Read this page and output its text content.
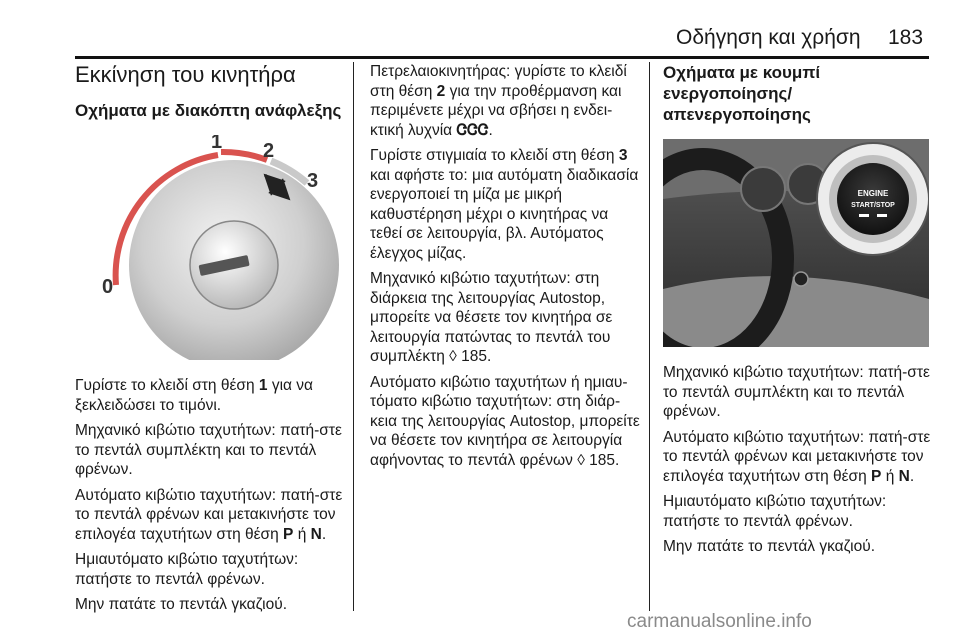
Οδήγηση και χρήση 183
Εκκίνηση του κινητήρα
Οχήματα με διακόπτη ανάφλεξης
0
1 2
3

Γυρίστε το κλειδί στη θέση 1 για να ξεκλειδώσει το τιμόνι.

Μηχανικό κιβώτιο ταχυτήτων: πατή-στε το πεντάλ συμπλέκτη και το πεντάλ φρένων.

Αυτόματο κιβώτιο ταχυτήτων: πατή-στε το πεντάλ φρένων και μετακινήστε τον επιλογέα ταχυτήτων στη θέση P ή N.

Ημιαυτόματο κιβώτιο ταχυτήτων: πατήστε το πεντάλ φρένων.

Μην πατάτε το πεντάλ γκαζιού.

Πετρελαιοκινητήρας: γυρίστε το κλειδί στη θέση 2 για την προθέρμανση και περιμένετε μέχρι να σβήσει η ενδει-κτική λυχνία ᏣᏣᏣ.

Γυρίστε στιγμιαία το κλειδί στη θέση 3 και αφήστε το: μια αυτόματη διαδικασία ενεργοποιεί τη μίζα με μικρή καθυστέρηση μέχρι ο κινητήρας να τεθεί σε λειτουργία, βλ. Αυτόματος έλεγχος μίζας.

Μηχανικό κιβώτιο ταχυτήτων: στη διάρκεια της λειτουργίας Autostop, μπορείτε να θέσετε τον κινητήρα σε λειτουργία πατώντας το πεντάλ του συμπλέκτη ◊ 185.

Αυτόματο κιβώτιο ταχυτήτων ή ημιαυ-τόματο κιβώτιο ταχυτήτων: στη διάρ-κεια της λειτουργίας Autostop, μπορείτε να θέσετε τον κινητήρα σε λειτουργία αφήνοντας το πεντάλ φρένων ◊ 185.

Οχήματα με κουμπί ενεργοποίησης/ απενεργοποίησης
ENGINE
START/STOP

Μηχανικό κιβώτιο ταχυτήτων: πατή-στε το πεντάλ συμπλέκτη και το πεντάλ φρένων.

Αυτόματο κιβώτιο ταχυτήτων: πατή-στε το πεντάλ φρένων και μετακινήστε τον επιλογέα ταχυτήτων στη θέση P ή N.

Ημιαυτόματο κιβώτιο ταχυτήτων: πατήστε το πεντάλ φρένων.

Μην πατάτε το πεντάλ γκαζιού.

carmanualsonline.info
